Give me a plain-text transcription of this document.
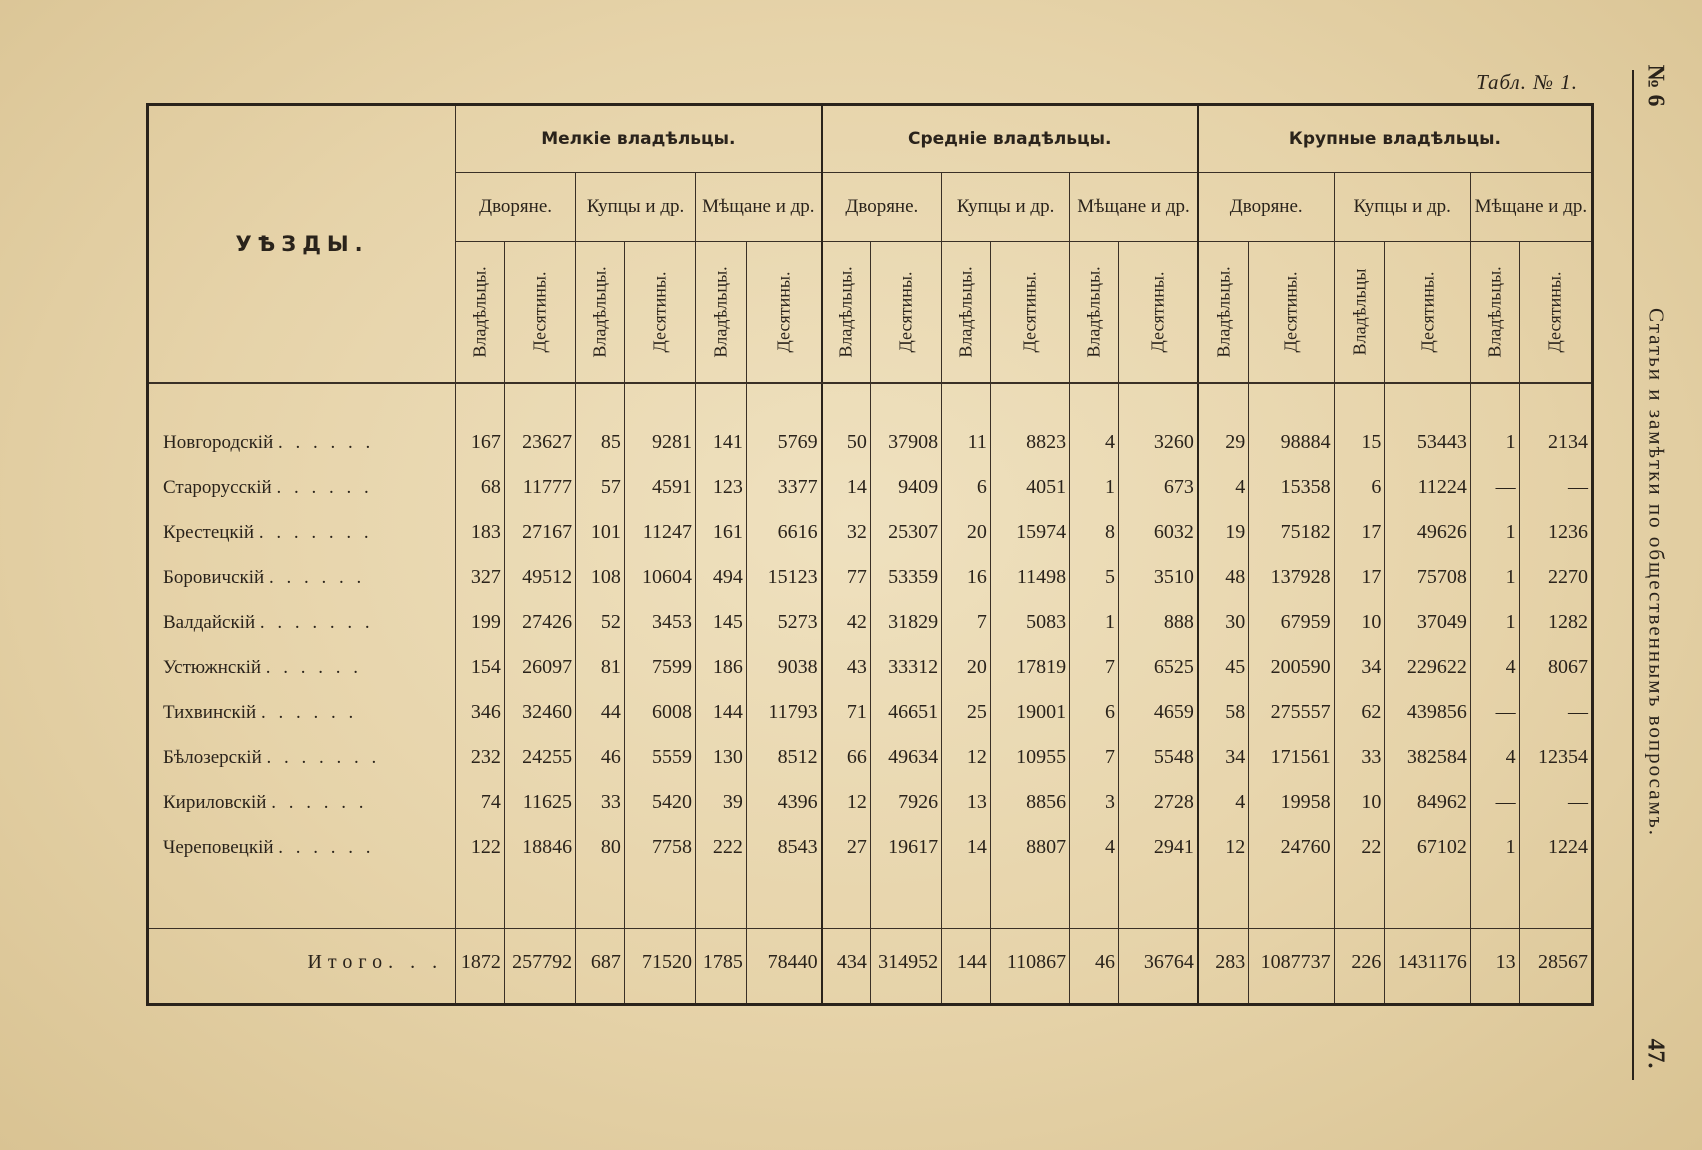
Табл. № 1.	№ 6
Статьи и замѣтки по общественнымъ вопросамъ.
47.
УѢЗДЫ.	Мелкіе владѣльцы.						Средніе владѣльцы.						Крупные владѣльцы.					
	Дворяне.		Купцы и др.		Мѣщане и др.		Дворяне.		Купцы и др.		Мѣщане и др.		Дворяне.		Купцы и др.		Мѣщане и др.	

	Владѣльцы.	Десятины.	Владѣльцы.	Десятины.	Владѣльцы.	Десятины.	Владѣльцы.	Десятины.	Владѣльцы.	Десятины.	Владѣльцы.	Десятины.	Владѣльцы.	Десятины.	Владѣльцы	Десятины.	Владѣльцы.	Десятины.

Новгородскій . . . . . .	167	23627	85	9281	141	5769	50	37908	11	8823	4	3260	29	98884	15	53443	1	2134
Старорусскій . . . . . .	68	11777	57	4591	123	3377	14	9409	6	4051	1	673	4	15358	6	11224	—	—
Крестецкій . . . . . . .	183	27167	101	11247	161	6616	32	25307	20	15974	8	6032	19	75182	17	49626	1	1236
Боровичскій . . . . . .	327	49512	108	10604	494	15123	77	53359	16	11498	5	3510	48	137928	17	75708	1	2270
Валдайскій . . . . . . .	199	27426	52	3453	145	5273	42	31829	7	5083	1	888	30	67959	10	37049	1	1282
Устюжнскій . . . . . .	154	26097	81	7599	186	9038	43	33312	20	17819	7	6525	45	200590	34	229622	4	8067
Тихвинскій . . . . . .	346	32460	44	6008	144	11793	71	46651	25	19001	6	4659	58	275557	62	439856	—	—
Бѣлозерскій . . . . . . .	232	24255	46	5559	130	8512	66	49634	12	10955	7	5548	34	171561	33	382584	4	12354
Кириловскій . . . . . .	74	11625	33	5420	39	4396	12	7926	13	8856	3	2728	4	19958	10	84962	—	—
Череповецкій . . . . . .	122	18846	80	7758	222	8543	27	19617	14	8807	4	2941	12	24760	22	67102	1	1224

Итого. . .	1872	257792	687	71520	1785	78440	434	314952	144	110867	46	36764	283	1087737	226	1431176	13	28567
